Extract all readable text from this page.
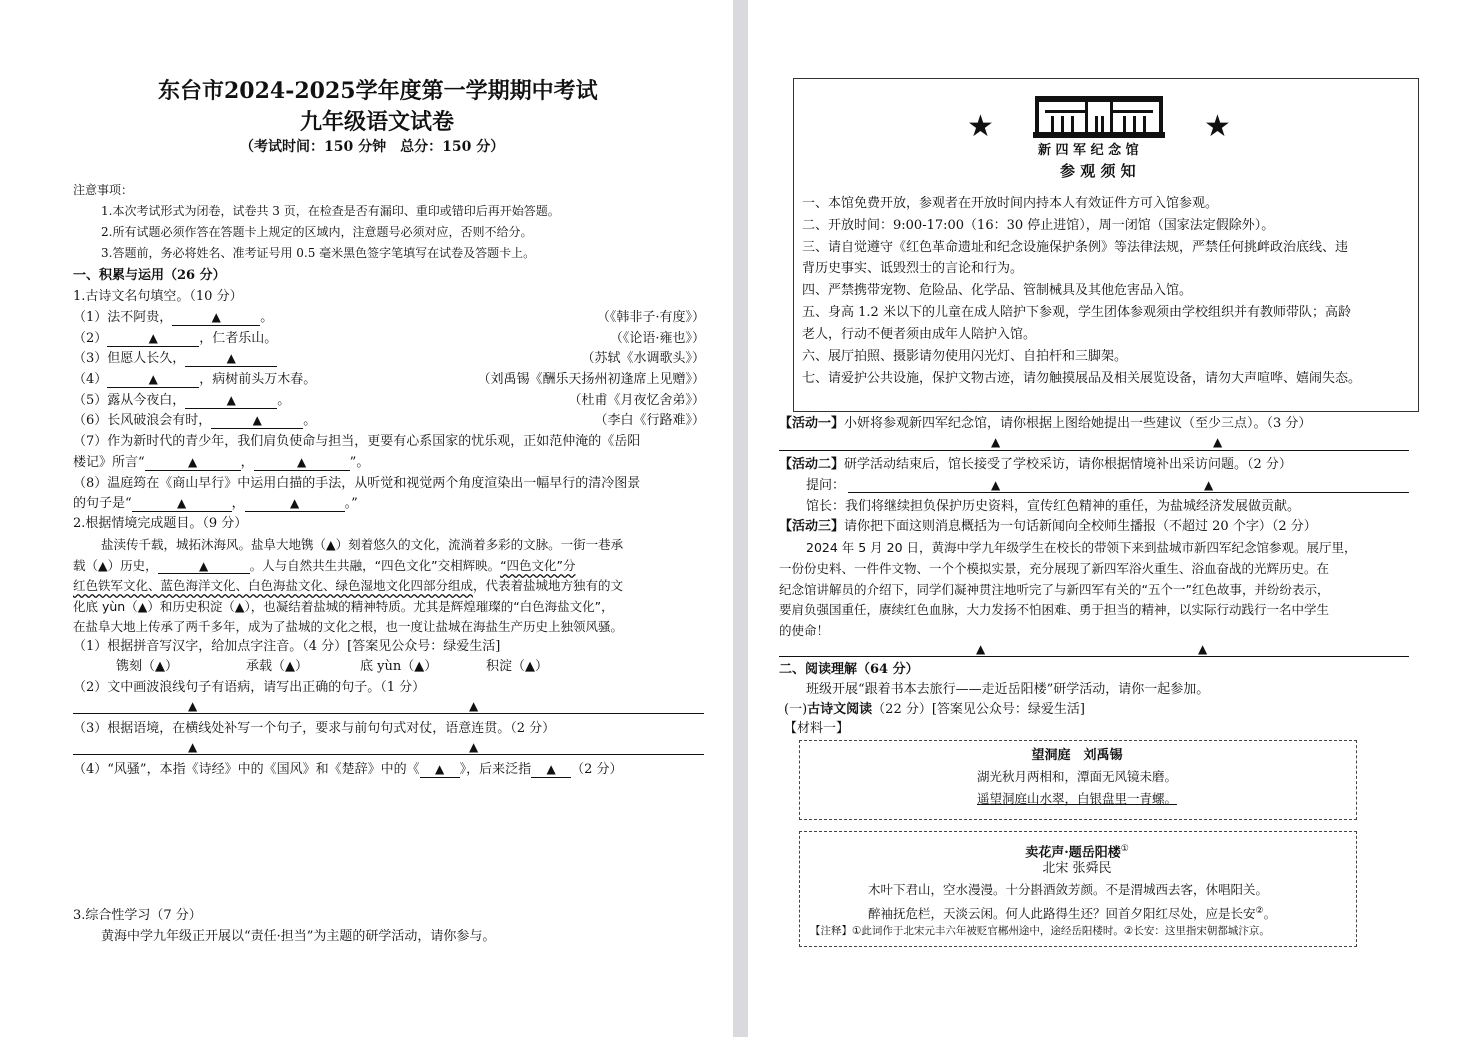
东台市2024-2025学年度第一学期期中考试
九年级语文试卷
（考试时间：150 分钟　总分：150 分）
注意事项：
1.本次考试形式为闭卷，试卷共 3 页，在检查是否有漏印、重印或错印后再开始答题。
2.所有试题必须作答在答题卡上规定的区域内，注意题号必须对应，否则不给分。
3.答题前，务必将姓名、准考证号用 0.5 毫米黑色签字笔填写在试卷及答题卡上。
一、积累与运用（26 分）
1.古诗文名句填空。（10 分）
（1）法不阿贵，	▲	。	（《韩非子·有度》）
（2）	▲	，仁者乐山。	（《论语·雍也》）
（3）但愿人长久，	▲	（苏轼《水调歌头》）
（4）	▲	，病树前头万木春。	（刘禹锡《酬乐天扬州初逢席上见赠》）
（5）露从今夜白，	▲	。	（杜甫《月夜忆舍弟》）
（6）长风破浪会有时，	▲	。	（李白《行路难》）
（7）作为新时代的青少年，我们肩负使命与担当，更要有心系国家的忧乐观，正如范仲淹的《岳阳
楼记》所言“	▲	，	▲	”。
（8）温庭筠在《商山早行》中运用白描的手法，从听觉和视觉两个角度渲染出一幅早行的清冷图景
的句子是“	▲	，	▲	。”
2.根据情境完成题目。（9 分）
盐渎传千载，城拓沐海风。盐阜大地镌（▲）刻着悠久的文化，流淌着多彩的文脉。一街一巷承
载（▲）历史，	▲	。人与自然共生共融，“四色文化”交相辉映。“四色文化”分
红色铁军文化、蓝色海洋文化、白色海盐文化、绿色湿地文化四部分组成，代表着盐城地方独有的文
化底 yùn（▲）和历史积淀（▲），也凝结着盐城的精神特质。尤其是辉煌璀璨的“白色海盐文化”，
在盐阜大地上传承了两千多年，成为了盐城的文化之根，也一度让盐城在海盐生产历史上独领风骚。
（1）根据拼音写汉字，给加点字注音。（4 分）[答案见公众号：绿爱生活]
镌刻（▲）	承载（▲）	底 yùn（▲）	积淀（▲）
（2）文中画波浪线句子有语病，请写出正确的句子。（1 分）
▲	▲
（3）根据语境，在横线处补写一个句子，要求与前句句式对仗，语意连贯。（2 分）
▲	▲
（4）“风骚”，本指《诗经》中的《国风》和《楚辞》中的《 ▲ 》，后来泛指 ▲ （2 分）
3.综合性学习（7 分）
黄海中学九年级正开展以“责任·担当”为主题的研学活动，请你参与。
★	★
新 四 军 纪 念 馆
参 观 须 知
一、本馆免费开放，参观者在开放时间内持本人有效证件方可入馆参观。
二、开放时间：9:00-17:00（16：30 停止进馆），周一闭馆（国家法定假除外）。
三、请自觉遵守《红色革命遗址和纪念设施保护条例》等法律法规，严禁任何挑衅政治底线、违
背历史事实、诋毁烈士的言论和行为。
四、严禁携带宠物、危险品、化学品、管制械具及其他危害品入馆。
五、身高 1.2 米以下的儿童在成人陪护下参观，学生团体参观须由学校组织并有教师带队；高龄
老人，行动不便者须由成年人陪护入馆。
六、展厅拍照、摄影请勿使用闪光灯、自拍杆和三脚架。
七、请爱护公共设施，保护文物古迹，请勿触摸展品及相关展览设备，请勿大声喧哗、嬉闹失态。
【活动一】小妍将参观新四军纪念馆，请你根据上图给她提出一些建议（至少三点）。（3 分）
▲	▲
【活动二】研学活动结束后，馆长接受了学校采访，请你根据情境补出采访问题。（2 分）
提问：	▲	▲
馆长：我们将继续担负保护历史资料，宣传红色精神的重任，为盐城经济发展做贡献。
【活动三】请你把下面这则消息概括为一句话新闻向全校师生播报（不超过 20 个字）（2 分）
2024 年 5 月 20 日，黄海中学九年级学生在校长的带领下来到盐城市新四军纪念馆参观。展厅里，
一份份史料、一件件文物、一个个模拟实景，充分展现了新四军浴火重生、浴血奋战的光辉历史。在
纪念馆讲解员的介绍下，同学们凝神贯注地听完了与新四军有关的“五个一”红色故事，并纷纷表示，
要肩负强国重任，赓续红色血脉，大力发扬不怕困难、勇于担当的精神，以实际行动践行一名中学生
的使命！
▲	▲
二、阅读理解（64 分）
班级开展“跟着书本去旅行——走近岳阳楼”研学活动，请你一起参加。
(一)古诗文阅读（22 分）[答案见公众号：绿爱生活]
【材料一】
望洞庭　刘禹锡
湖光秋月两相和，潭面无风镜未磨。
遥望洞庭山水翠，白银盘里一青螺。
卖花声·题岳阳楼①
北宋 张舜民
木叶下君山，空水漫漫。十分斟酒敛芳颜。不是渭城西去客，休唱阳关。
醉袖抚危栏，天淡云闲。何人此路得生还？回首夕阳红尽处，应是长安②。
【注释】①此词作于北宋元丰六年被贬官郴州途中，途经岳阳楼时。②长安：这里指宋朝都城汴京。
